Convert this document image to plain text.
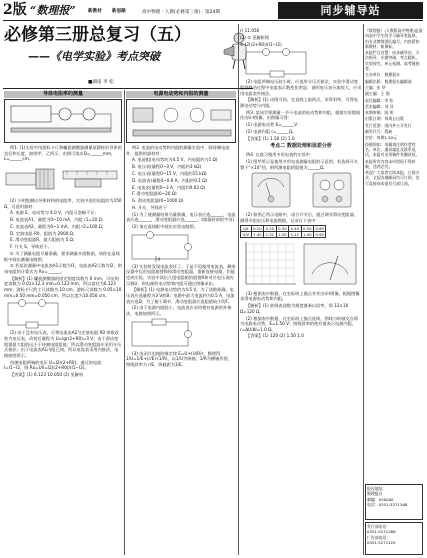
2版 “数理报”	新教材 新思路	高中物理 · 人教(必修第三册) · 第24期	同步辅导站
必修第三册总复习（五）
——《电学实验》考点突破
■湖南 李 松
导体电阻率的测量

例1. (1)实验中用游标卡尺和螺旋测微器测量某圆柱形导体的直径和长度，如图甲、乙所示，由图可读出D=______mm，L=______cm。

(2) 小明想测出导体材料的电阻率，实验中选用电阻约为150 Ω，可选用器材：

A. 电源 E，电动势为 4.0 V，内阻可忽略不计；

B. 电流表A1，量程为0~10 mA，内阻 r1=20 Ω；

C. 电流表A2，量程为0~1 mA，内阻 r2=100 Ω；

D. 定值电阻 R0，阻值为 2900 Ω；

E. 滑动变阻器R，最大阻值为 5 Ω；

F. 开关 S，导线若干。

① 为了测量电阻尽量准确，要求测量多组数据，请你在虚线框中画出测量电路图；

② 若某次测量中电流表A1示数为I1，电流表A2示数为I2，则该电阻的计算式为 Rx=______。

【解析】(1) 螺旋测微器的固定刻度读数为 6 mm，可动刻度读数为 0.01×12.3 mm=0.123 mm，所以直径为6.123 mm；游标卡尺的主尺读数为 10 cm，游标尺读数为 0.05×10 mm=0.50 mm=0.050 cm，所以长度为10.050 cm。

(2) 由于没有电压表，可将电流表A2与定值电阻 R0 串联改装为电压表，改装后量程为 U=Ig(r2+R0)=3 V；由于滑动变阻器最大阻值远小于待测电阻阻值，所以滑动变阻器应采用分压式接法；由于电流表A1内阻已知，所以电流表采用内接法，电路如图所示。

待测电阻两端的电压 U=I2(r2+R0)，通过的电流 I=I1−I2，则 Rx=U/I=I2(r2+R0)/(I1−I2)。

【答案】(1) 6.123 10.050 (2) 见解析

电源电动势和内阻的测量

例2. 电池的电动势和内阻的测量实验中，除待测电池外，提供的器材有：

A. 电池组(电动势约为4.5 V，内电阻约为1 Ω)

B. 电压表(量程0~3 V，内阻约3 kΩ)

C. 电压表(量程0~15 V，内阻约15 kΩ)

D. 电流表(量程0~0.6 A，内阻约0.1 Ω)

E. 电流表(量程0~3 A，内阻约0.02 Ω)

F. 滑动变阻器(0~20 Ω)

G. 滑动变阻器(0~1000 Ω)

H. 开关、导线若干

(1) 为了使测量结果尽量准确，电压表应选______，电流表应选______，滑动变阻器应选______。(填器材前的字母)

(2) 请在虚线框中画出实验电路图。

(3) 实验时发现电流表坏了，于是不再使用电流表，剩余仪器中仅用电阻箱替换掉滑动变阻器，重新连接电路，仍能完成实验。实验中读出几组电阻箱的阻值R和对应电压表的示数U，则电源的电动势和内阻可通过图像求出。

【解析】(1) 电源电动势约为4.5 V，为了读数准确，电压表应选量程为3 V的B；电路中最大电流约为0.5 A，电流表应选D；为了便于调节，滑动变阻器应选阻值较小的F。

(2) 由于电源内阻较小，电流表应采用相对电源的外接法，电路如图所示。

(3) 由闭合电路欧姆定律 E=U+(U/R)r，整理得 1/U=1/E+(r/E)·(1/R)，以1/U为纵轴、1/R为横轴作图，图线斜率为 r/E，纵截距为1/E。

r) 11.050

(2) ① 见解析图

② I2(r2+R0)/(I1−I2)

(2) 电阻两端电压较小时，应选用分压式接法，实验中滑动变阻器移动过程中电流表示数变化明显，说明电压表分流较大，应采用电流表外接法。

【解析】(1) 由图可知，在直线上取两点，求得斜率，可得电源电动势与内阻。

例3. 某同学要测量一节干电池的电动势和内阻，根据实验数据作出U-I图像，由图像可得：

(1) 电源电动势 E=______V；

(2) 电源内阻 r=______Ω。

【答案】(1) 1.50 (2) 1.0

考点二 数据处理和误差分析

例4. 在练习使用多用电表的实验中：

(1) 图甲所示是使用多用电表测量电阻的示意图，若选择开关置于“×10”挡，则所测电阻的阻值为______Ω。

(2) 如图乙所示电路中，闭合开关后，通过调节滑动变阻器，测得多组电压和电流数据，记录在下表中：

I/A	0.10	0.20	0.30	0.40	0.50	0.60
U/V	1.40	1.31	1.20	1.11	1.00	0.90

(3) 根据表中数据，在坐标纸上描点并作出U-I图像，根据图像求得电源电动势和内阻。

【解析】(1) 欧姆表读数为刻度值乘以倍率，即 12×10 Ω=120 Ω。

(2) 根据表中数据，在坐标纸上描点连线，图线与纵轴交点即为电源电动势，E=1.50 V；图线斜率的绝对值表示电源内阻，r=ΔU/ΔI=1.0 Ω。

【答案】(1) 120 (2) 1.50 1.0

《数理报》(人教版高中物理)是面向高中学生的学习辅导类报纸，由专业教师团队编写，内容紧扣新教材、新课标。

本报栏目设置：同步辅导站、方法指导、专题突破、考点精析、实验探究、单元检测、高考链接等。

主办单位：数理报社

编辑出版：数理报社编辑部

主编：张 华

副主编：王 强

责任编辑：李 松

美术编辑：刘 洋

本期审稿：陈 明

出版日期：每周五出版

发行范围：国内外公开发行

邮发代号：暂缺

定价：每期1.50元

投稿须知：来稿请注明作者姓名、单位、通讯地址及联系电话，本报对采用稿件有删改权。

本报所有内容未经授权不得转载，违者必究。

欢迎广大读者订阅本报，订阅方式：全国各地邮局均可订阅，也可直接向本报发行部订阅。

报社地址：
数理报社
邮编：030000
电话：0351-5271268
发行部电话：
0351-5271268
广告部电话：
0351-5271125
